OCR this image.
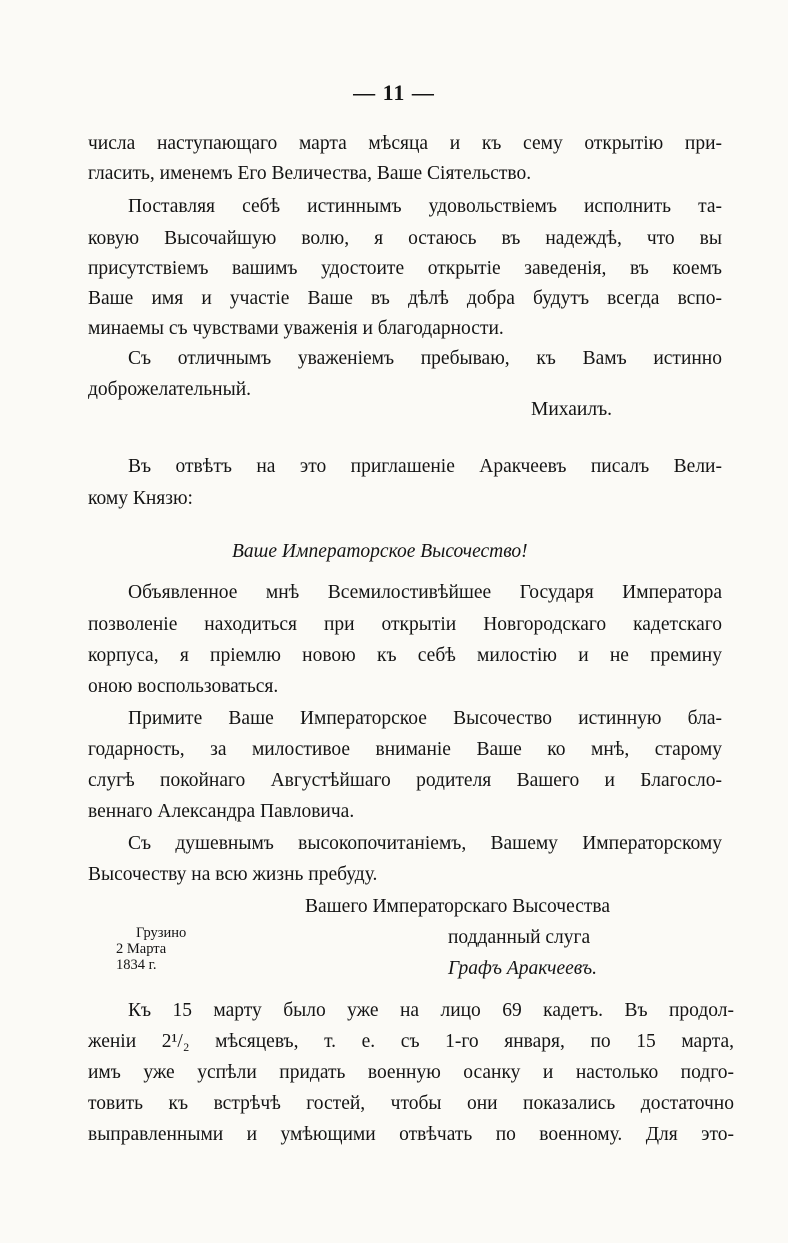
— 11 —
числа наступающаго марта мѣсяца и къ сему открытію при-
гласить, именемъ Его Величества, Ваше Сіятельство.
Поставляя себѣ истиннымъ удовольствіемъ исполнить та-
ковую Высочайшую волю, я остаюсь въ надеждѣ, что вы
присутствіемъ вашимъ удостоите открытіе заведенія, въ коемъ
Ваше имя и участіе Ваше въ дѣлѣ добра будутъ всегда вспо-
минаемы съ чувствами уваженія и благодарности.
Съ отличнымъ уваженіемъ пребываю, къ Вамъ истинно
доброжелательный.
Михаилъ.
Въ отвѣтъ на это приглашеніе Аракчеевъ писалъ Вели-
кому Князю:
Ваше Императорское Высочество!
Объявленное мнѣ Всемилостивѣйшее Государя Императора
позволеніе находиться при открытіи Новгородскаго кадетскаго
корпуса, я пріемлю новою къ себѣ милостію и не премину
оною воспользоваться.
Примите Ваше Императорское Высочество истинную бла-
годарность, за милостивое вниманіе Ваше ко мнѣ, старому
слугѣ покойнаго Августѣйшаго родителя Вашего и Благосло-
веннаго Александра Павловича.
Съ душевнымъ высокопочитаніемъ, Вашему Императорскому
Высочеству на всю жизнь пребуду.
Вашего Императорскаго Высочества
подданный слуга
Графъ Аракчеевъ.
Грузино
2 Марта
1834 г.
Къ 15 марту было уже на лицо 69 кадетъ. Въ продол-
женіи 2¹/₂ мѣсяцевъ, т. е. съ 1-го января, по 15 марта,
имъ уже успѣли придать военную осанку и настолько подго-
товить къ встрѣчѣ гостей, чтобы они показались достаточно
выправленными и умѣющими отвѣчать по военному. Для это-
